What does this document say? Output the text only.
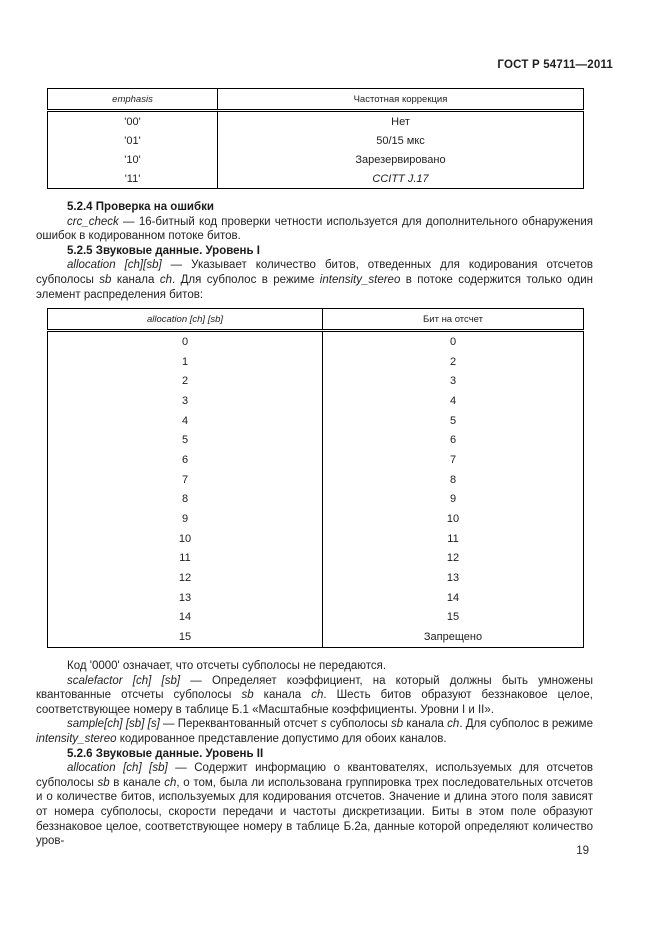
ГОСТ Р 54711—2011
emphasis	Частотная коррекция
'00'	Нет
'01'	50/15 мкс
'10'	Зарезервировано
'11'	CCITT J.17
5.2.4 Проверка на ошибки

crc_check — 16-битный код проверки четности используется для дополнительного обнаружения ошибок в кодированном потоке битов.

5.2.5 Звуковые данные. Уровень I

allocation [ch][sb] — Указывает количество битов, отведенных для кодирования отсчетов субполосы sb канала ch. Для субполос в режиме intensity_stereo в потоке содержится только один элемент распределения битов:

allocation [ch] [sb]	Бит на отсчет
0	0
1	2
2	3
3	4
4	5
5	6
6	7
7	8
8	9
9	10
10	11
11	12
12	13
13	14
14	15
15	Запрещено

Код '0000' означает, что отсчеты субполосы не передаются.

scalefactor [ch] [sb] — Определяет коэффициент, на который должны быть умножены квантованные отсчеты субполосы sb канала ch. Шесть битов образуют беззнаковое целое, соответствующее номеру в таблице Б.1 «Масштабные коэффициенты. Уровни I и II».

sample[ch] [sb] [s] — Переквантованный отсчет s субполосы sb канала ch. Для субполос в режиме intensity_stereo кодированное представление допустимо для обоих каналов.

5.2.6 Звуковые данные. Уровень II

allocation [ch] [sb] — Содержит информацию о квантователях, используемых для отсчетов субполосы sb в канале ch, о том, была ли использована группировка трех последовательных отсчетов и о количестве битов, используемых для кодирования отсчетов. Значение и длина этого поля зависят от номера субполосы, скорости передачи и частоты дискретизации. Биты в этом поле образуют беззнаковое целое, соответствующее номеру в таблице Б.2а, данные которой определяют количество уров-

19
